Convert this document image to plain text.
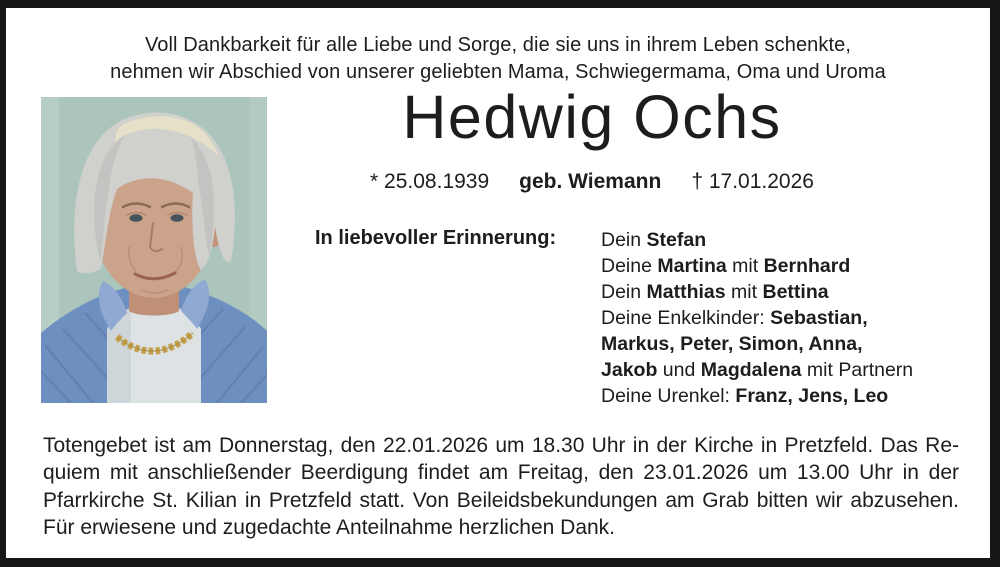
Voll Dankbarkeit für alle Liebe und Sorge, die sie uns in ihrem Leben schenkte,
nehmen wir Abschied von unserer geliebten Mama, Schwiegermama, Oma und Uroma
Hedwig Ochs
* 25.08.1939 geb. Wiemann † 17.01.2026
In liebevoller Erinnerung: Dein Stefan
Deine Martina mit Bernhard
Dein Matthias mit Bettina
Deine Enkelkinder: Sebastian,
Markus, Peter, Simon, Anna,
Jakob und Magdalena mit Partnern
Deine Urenkel: Franz, Jens, Leo
Totengebet ist am Donnerstag, den 22.01.2026 um 18.30 Uhr in der Kirche in Pretzfeld. Das Re-
quiem mit anschließender Beerdigung findet am Freitag, den 23.01.2026 um 13.00 Uhr in der
Pfarrkirche St. Kilian in Pretzfeld statt. Von Beileidsbekundungen am Grab bitten wir abzusehen.
Für erwiesene und zugedachte Anteilnahme herzlichen Dank.
